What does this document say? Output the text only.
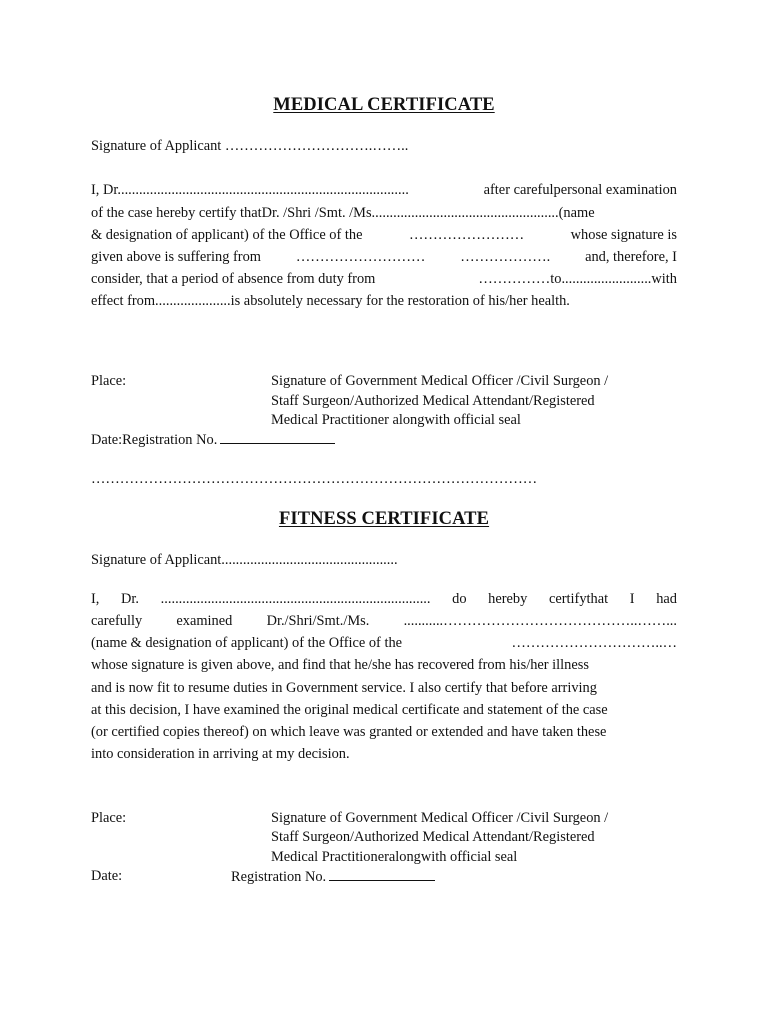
MEDICAL CERTIFICATE
Signature of Applicant ………………………….……..
I, Dr.................................................................................	after carefulpersonal examination
of the case hereby certify thatDr. /Shri /Smt. /Ms....................................................(name
& designation of applicant) of the Office of the	……………………	whose signature is
given above is suffering from ……………………… ………………. and, therefore, I
consider, that a period of absence from duty from	……………to.........................with
effect from.....................is absolutely necessary for the restoration of his/her health.
Place:	Signature of Government Medical Officer /Civil Surgeon /
Staff Surgeon/Authorized Medical Attendant/Registered
Medical Practitioner alongwith official seal
Date:Registration No.
…………………………………………………………………………………
FITNESS CERTIFICATE
Signature of Applicant.................................................
I, Dr. ........................................................................... do hereby certifythat I had
carefully examined Dr./Shri/Smt./Ms. ...........…………………………………..……...
(name & designation of applicant) of the Office of the	…………………………..…
whose signature is given above, and find that he/she has recovered from his/her illness
and is now fit to resume duties in Government service. I also certify that before arriving
at this decision, I have examined the original medical certificate and statement of the case
(or certified copies thereof) on which leave was granted or extended and have taken these
into consideration in arriving at my decision.
Place:	Signature of Government Medical Officer /Civil Surgeon /
Staff Surgeon/Authorized Medical Attendant/Registered
Medical Practitioneralongwith official seal
Date:	Registration No.
